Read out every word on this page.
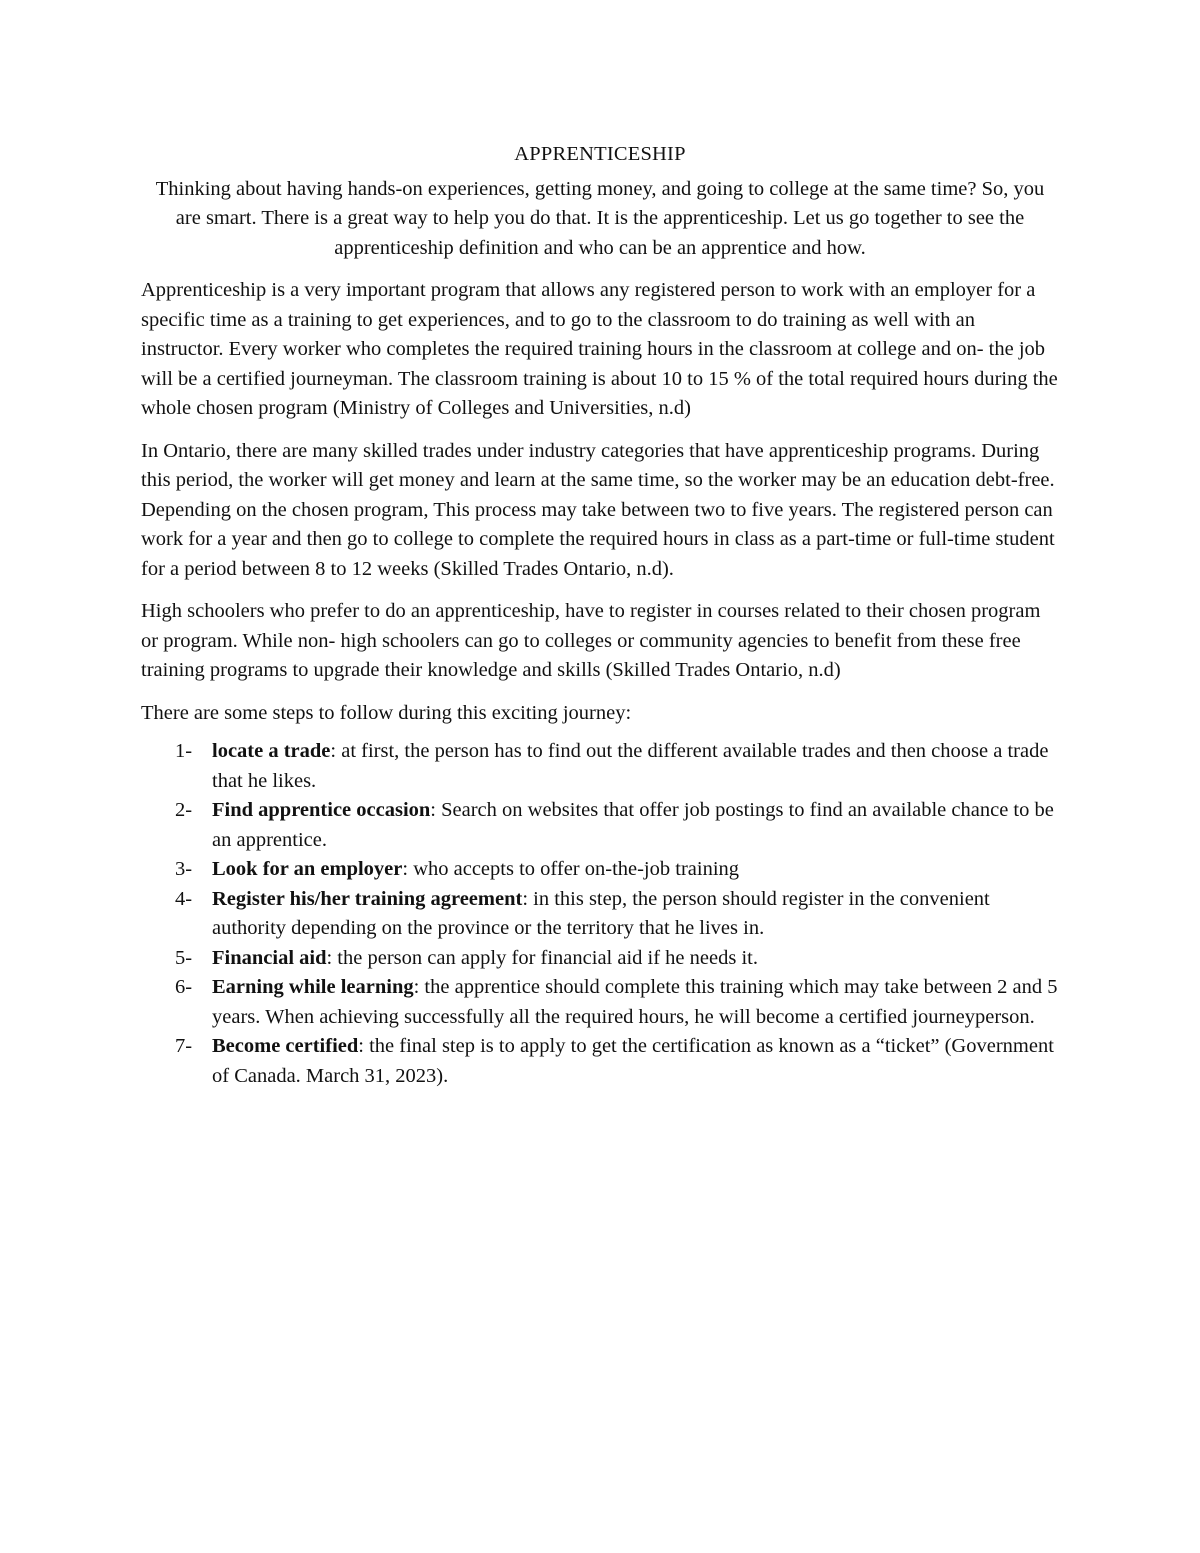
APPRENTICESHIP

Thinking about having hands-on experiences, getting money, and going to college at the same time? So, you are smart. There is a great way to help you do that. It is the apprenticeship. Let us go together to see the apprenticeship definition and who can be an apprentice and how.

Apprenticeship is a very important program that allows any registered person to work with an employer for a specific time as a training to get experiences, and to go to the classroom to do training as well with an instructor. Every worker who completes the required training hours in the classroom at college and on- the job will be a certified journeyman. The classroom training is about 10 to 15 % of the total required hours during the whole chosen program (Ministry of Colleges and Universities, n.d)

In Ontario, there are many skilled trades under industry categories that have apprenticeship programs. During this period, the worker will get money and learn at the same time, so the worker may be an education debt-free. Depending on the chosen program, This process may take between two to five years. The registered person can work for a year and then go to college to complete the required hours in class as a part-time or full-time student for a period between 8 to 12 weeks (Skilled Trades Ontario, n.d).

High schoolers who prefer to do an apprenticeship, have to register in courses related to their chosen program or program. While non- high schoolers can go to colleges or community agencies to benefit from these free training programs to upgrade their knowledge and skills (Skilled Trades Ontario, n.d)

There are some steps to follow during this exciting journey:

1- locate a trade: at first, the person has to find out the different available trades and then choose a trade that he likes.
2- Find apprentice occasion: Search on websites that offer job postings to find an available chance to be an apprentice.
3- Look for an employer: who accepts to offer on-the-job training
4- Register his/her training agreement: in this step, the person should register in the convenient authority depending on the province or the territory that he lives in.
5- Financial aid: the person can apply for financial aid if he needs it.
6- Earning while learning: the apprentice should complete this training which may take between 2 and 5 years. When achieving successfully all the required hours, he will become a certified journeyperson.
7- Become certified: the final step is to apply to get the certification as known as a “ticket” (Government of Canada. March 31, 2023).
